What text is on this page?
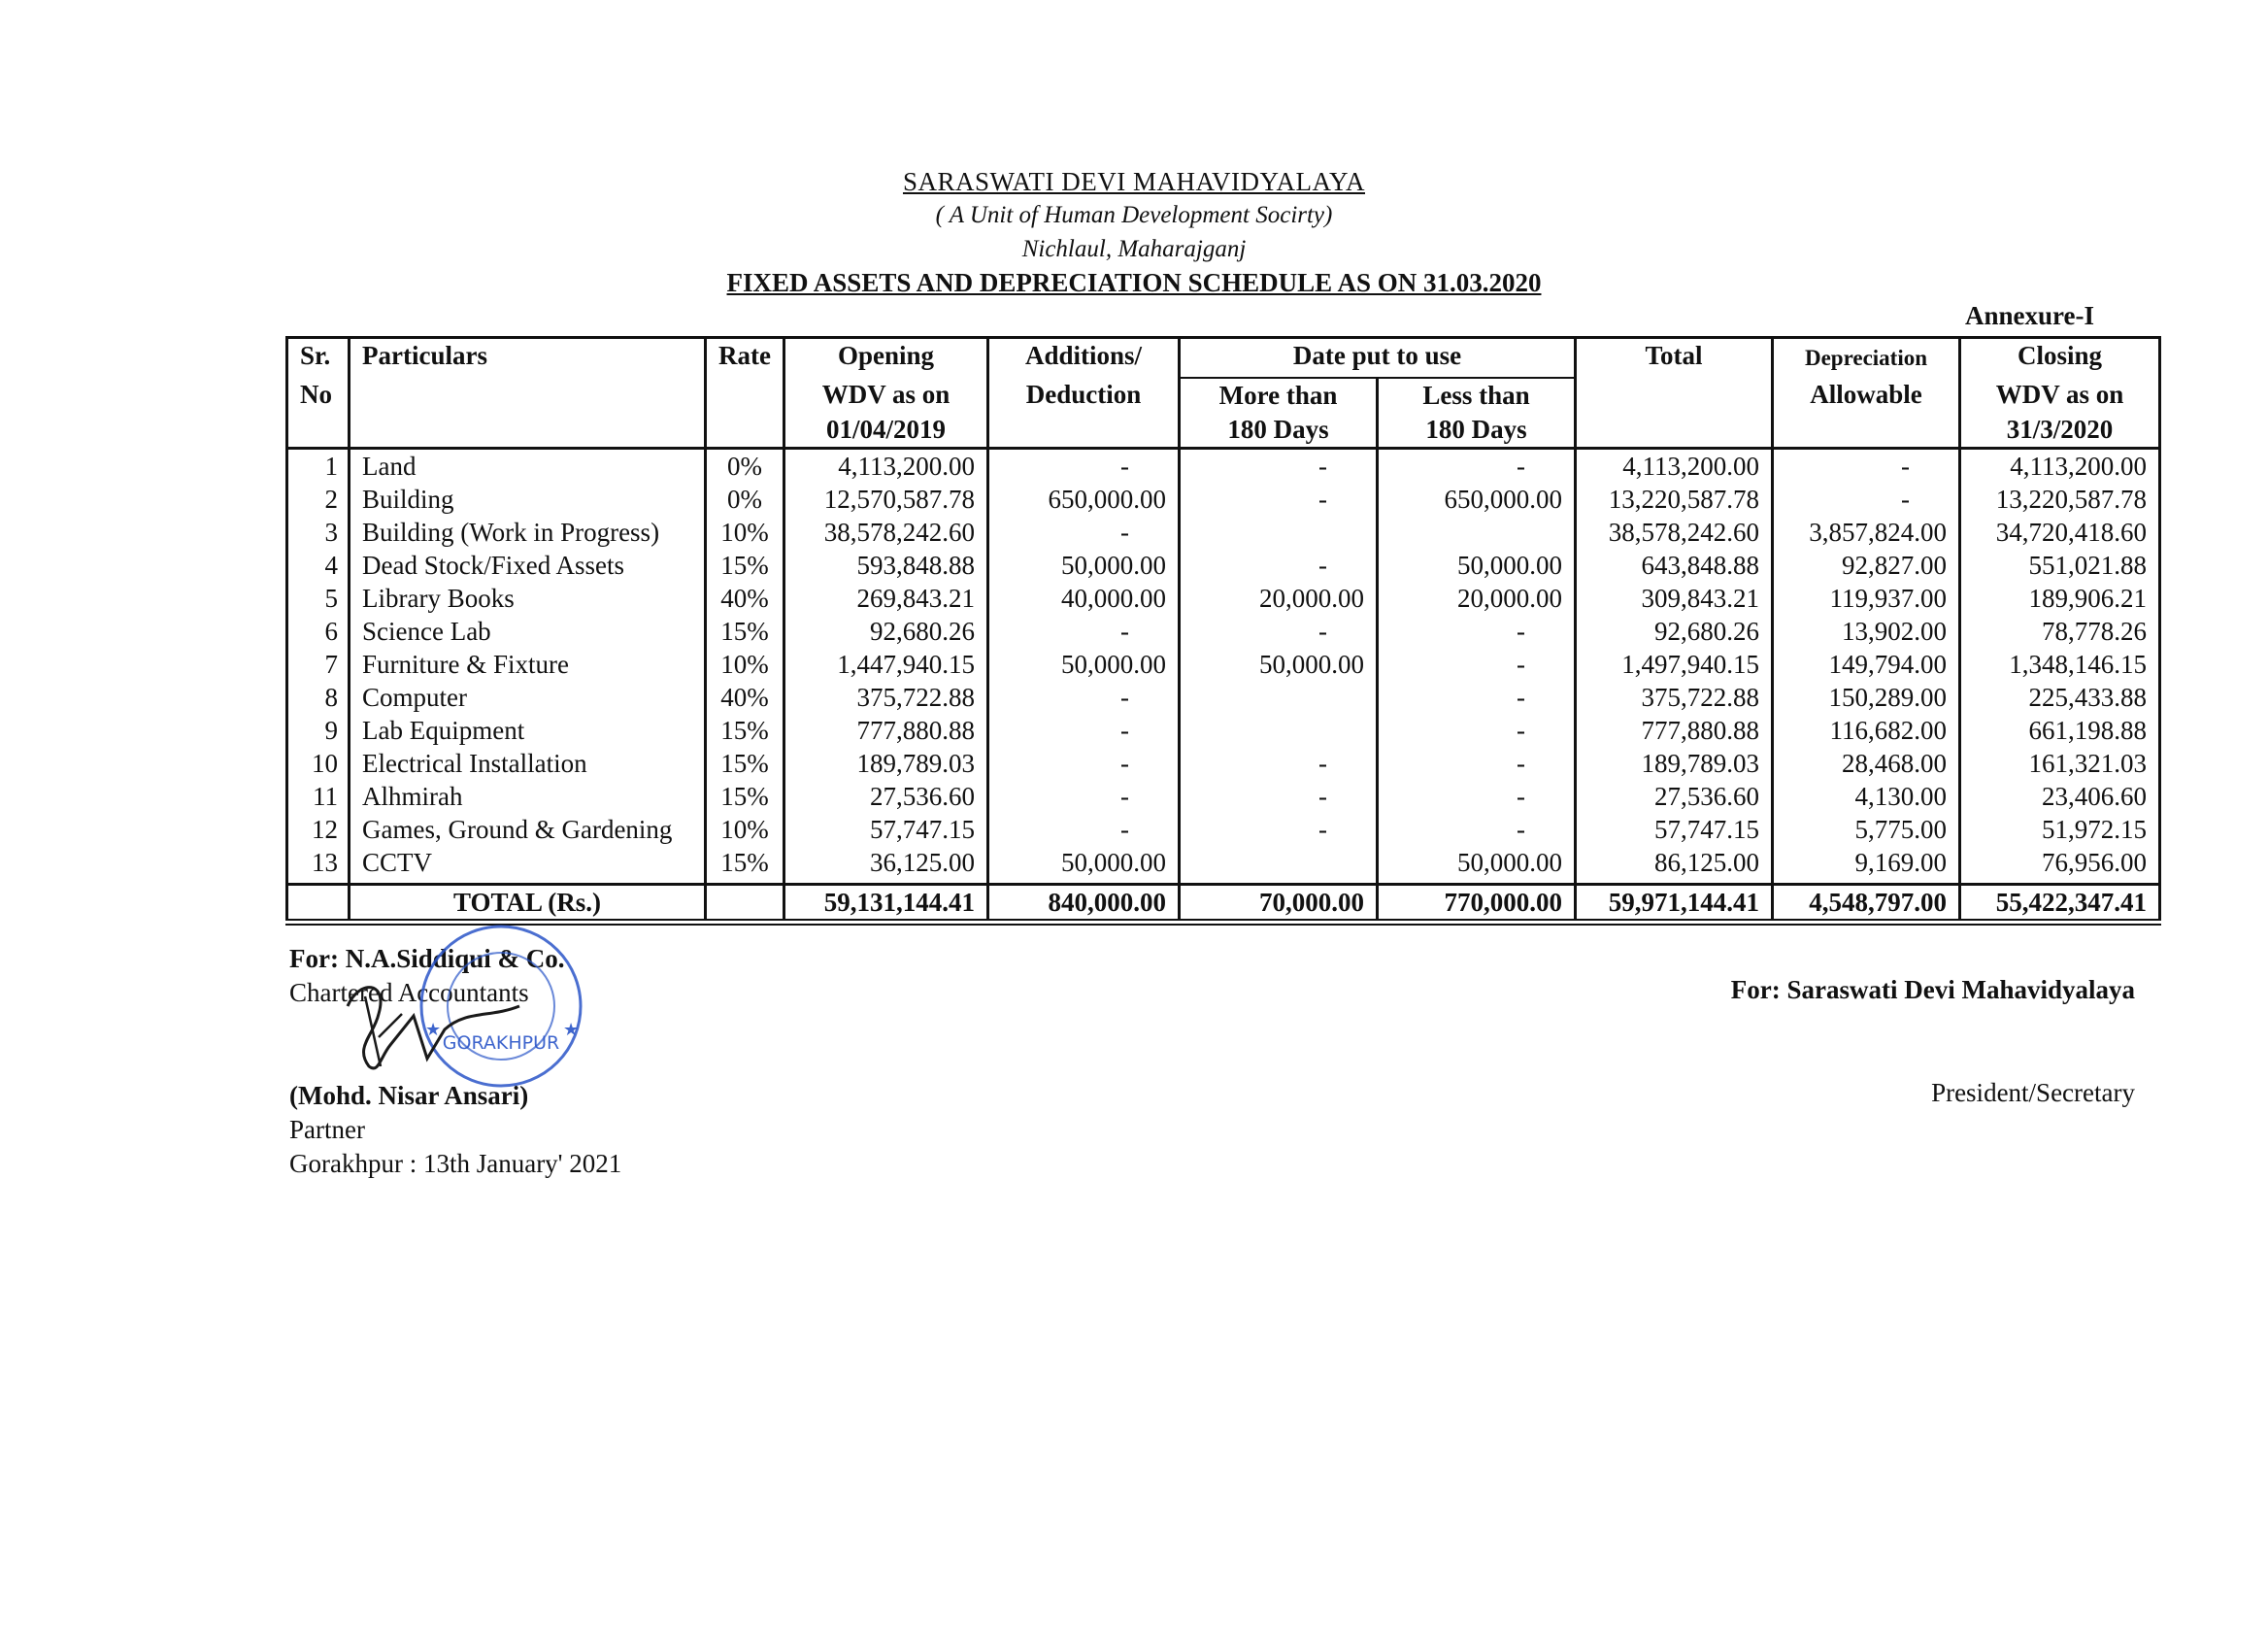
SARASWATI DEVI MAHAVIDYALAYA
( A Unit of Human Development Socirty)
Nichlaul, Maharajganj
FIXED ASSETS AND DEPRECIATION SCHEDULE AS ON 31.03.2020
Annexure-I
Sr.	Particulars	Rate	Opening	Additions/	Date put to use		Total	Depreciation	Closing
No			WDV as on	Deduction	More than	Less than		Allowable	WDV as on
			01/04/2019		180 Days	180 Days			31/3/2020
1	Land	0%	4,113,200.00	-	-	-	4,113,200.00	-	4,113,200.00
2	Building	0%	12,570,587.78	650,000.00	-	650,000.00	13,220,587.78	-	13,220,587.78
3	Building (Work in Progress)	10%	38,578,242.60	-			38,578,242.60	3,857,824.00	34,720,418.60
4	Dead Stock/Fixed Assets	15%	593,848.88	50,000.00	-	50,000.00	643,848.88	92,827.00	551,021.88
5	Library Books	40%	269,843.21	40,000.00	20,000.00	20,000.00	309,843.21	119,937.00	189,906.21
6	Science Lab	15%	92,680.26	-	-	-	92,680.26	13,902.00	78,778.26
7	Furniture & Fixture	10%	1,447,940.15	50,000.00	50,000.00	-	1,497,940.15	149,794.00	1,348,146.15
8	Computer	40%	375,722.88	-		-	375,722.88	150,289.00	225,433.88
9	Lab Equipment	15%	777,880.88	-		-	777,880.88	116,682.00	661,198.88
10	Electrical Installation	15%	189,789.03	-	-	-	189,789.03	28,468.00	161,321.03
11	Alhmirah	15%	27,536.60	-	-	-	27,536.60	4,130.00	23,406.60
12	Games, Ground & Gardening	10%	57,747.15	-	-	-	57,747.15	5,775.00	51,972.15
13	CCTV	15%	36,125.00	50,000.00		50,000.00	86,125.00	9,169.00	76,956.00
	TOTAL (Rs.)		59,131,144.41	840,000.00	70,000.00	770,000.00	59,971,144.41	4,548,797.00	55,422,347.41
For: N.A.Siddiqui & Co.
Chartered Accountants
GORAKHPUR
★	★
(Mohd. Nisar Ansari)
Partner
Gorakhpur : 13th January' 2021
For: Saraswati Devi Mahavidyalaya
President/Secretary
